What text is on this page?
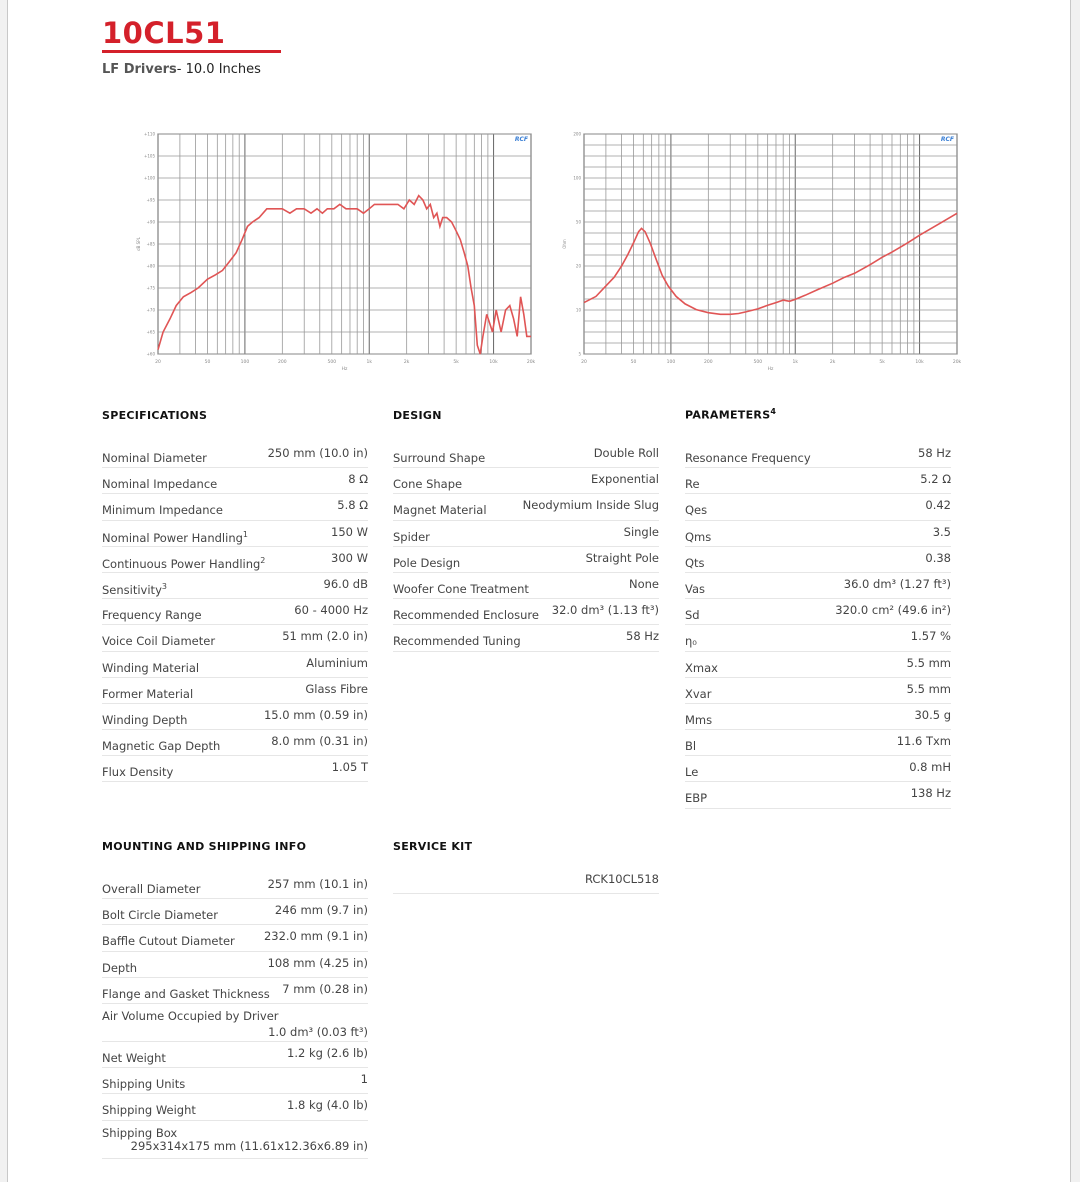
10CL51
LF Drivers- 10.0 Inches
20	50	100	200	500	1k	2k	5k	10k	20k
Hz
+110
+105
+100
+95
+90
+85
+80
+75
+70
+65
+60
dB SPL
RCF
20	50	100	200	500	1k	2k	5k	10k	20k
Hz
200
100
50
20
10
5
Ohm
RCF
SPECIFICATIONS	DESIGN	PARAMETERS$^4$
MOUNTING AND SHIPPING INFO	SERVICE KIT
Nominal Diameter	250 mm (10.0 in)
Nominal Impedance	8 Ω
Minimum Impedance	5.8 Ω
Nominal Power Handling$^1$	150 W
Continuous Power Handling$^2$	300 W
Sensitivity$^3$	96.0 dB
Frequency Range	60 - 4000 Hz
Voice Coil Diameter	51 mm (2.0 in)
Winding Material	Aluminium
Former Material	Glass Fibre
Winding Depth	15.0 mm (0.59 in)
Magnetic Gap Depth	8.0 mm (0.31 in)
Flux Density	1.05 T
Surround Shape	Double Roll
Cone Shape	Exponential
Magnet Material	Neodymium Inside Slug
Spider	Single
Pole Design	Straight Pole
Woofer Cone Treatment	None
Recommended Enclosure 32.0 dm³ (1.13 ft³)
Recommended Tuning	58 Hz
Resonance Frequency	58 Hz
Re	5.2 Ω
Qes	0.42
Qms	3.5
Qts	0.38
Vas	36.0 dm³ (1.27 ft³)
Sd	320.0 cm² (49.6 in²)
η₀	1.57 %
Xmax	5.5 mm
Xvar	5.5 mm
Mms	30.5 g
Bl	11.6 Txm
Le	0.8 mH
EBP	138 Hz
Overall Diameter	257 mm (10.1 in)
Bolt Circle Diameter	246 mm (9.7 in)
Baffle Cutout Diameter	232.0 mm (9.1 in)
Depth	108 mm (4.25 in)
Flange and Gasket Thickness 7 mm (0.28 in)
Air Volume Occupied by Driver
1.0 dm³ (0.03 ft³)
Net Weight	1.2 kg (2.6 lb)
Shipping Units	1
Shipping Weight	1.8 kg (4.0 lb)
Shipping Box
295x314x175 mm (11.61x12.36x6.89 in)
RCK10CL518
